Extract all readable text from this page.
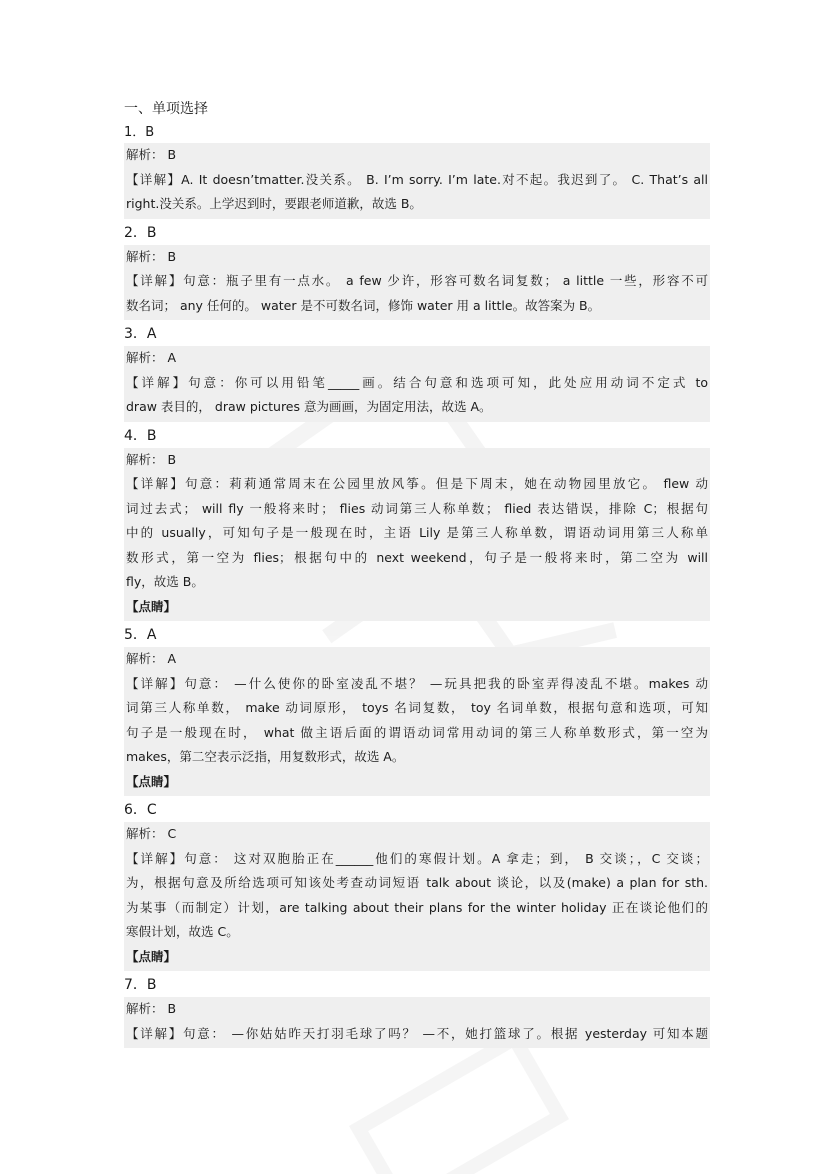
一、单项选择
1．B
解析： B
【详解】A. It doesn’tmatter.没关系。 B. I’m sorry. I’m late.对不起。我迟到了。 C. That’s all
right.没关系。上学迟到时，要跟老师道歉，故选 B。
2．B
解析： B
【详解】句意：瓶子里有一点水。 a few 少许，形容可数名词复数； a little 一些，形容不可
数名词； any 任何的。 water 是不可数名词，修饰 water 用 a little。故答案为 B。
3．A
解析： A
【详解】句意：你可以用铅笔_____画。结合句意和选项可知，此处应用动词不定式 to
draw 表目的， draw pictures 意为画画，为固定用法，故选 A。
4．B
解析： B
【详解】句意：莉莉通常周末在公园里放风筝。但是下周末，她在动物园里放它。 flew 动
词过去式； will fly 一般将来时； flies 动词第三人称单数； flied 表达错误，排除 C；根据句
中的 usually，可知句子是一般现在时，主语 Lily 是第三人称单数，谓语动词用第三人称单
数形式，第一空为 flies；根据句中的 next weekend，句子是一般将来时，第二空为 will
fly，故选 B。
【点睛】
5．A
解析： A
【详解】句意： —什么使你的卧室凌乱不堪？ —玩具把我的卧室弄得凌乱不堪。makes 动
词第三人称单数， make 动词原形， toys 名词复数， toy 名词单数，根据句意和选项，可知
句子是一般现在时， what 做主语后面的谓语动词常用动词的第三人称单数形式，第一空为
makes，第二空表示泛指，用复数形式，故选 A。
【点睛】
6．C
解析： C
【详解】句意： 这对双胞胎正在______他们的寒假计划。A 拿走；到， B 交谈；，C 交谈；
为，根据句意及所给选项可知该处考查动词短语 talk about 谈论，以及(make) a plan for sth.
为某事（而制定）计划，are talking about their plans for the winter holiday 正在谈论他们的
寒假计划，故选 C。
【点睛】
7．B
解析： B
【详解】句意： —你姑姑昨天打羽毛球了吗？ —不，她打篮球了。根据 yesterday 可知本题
